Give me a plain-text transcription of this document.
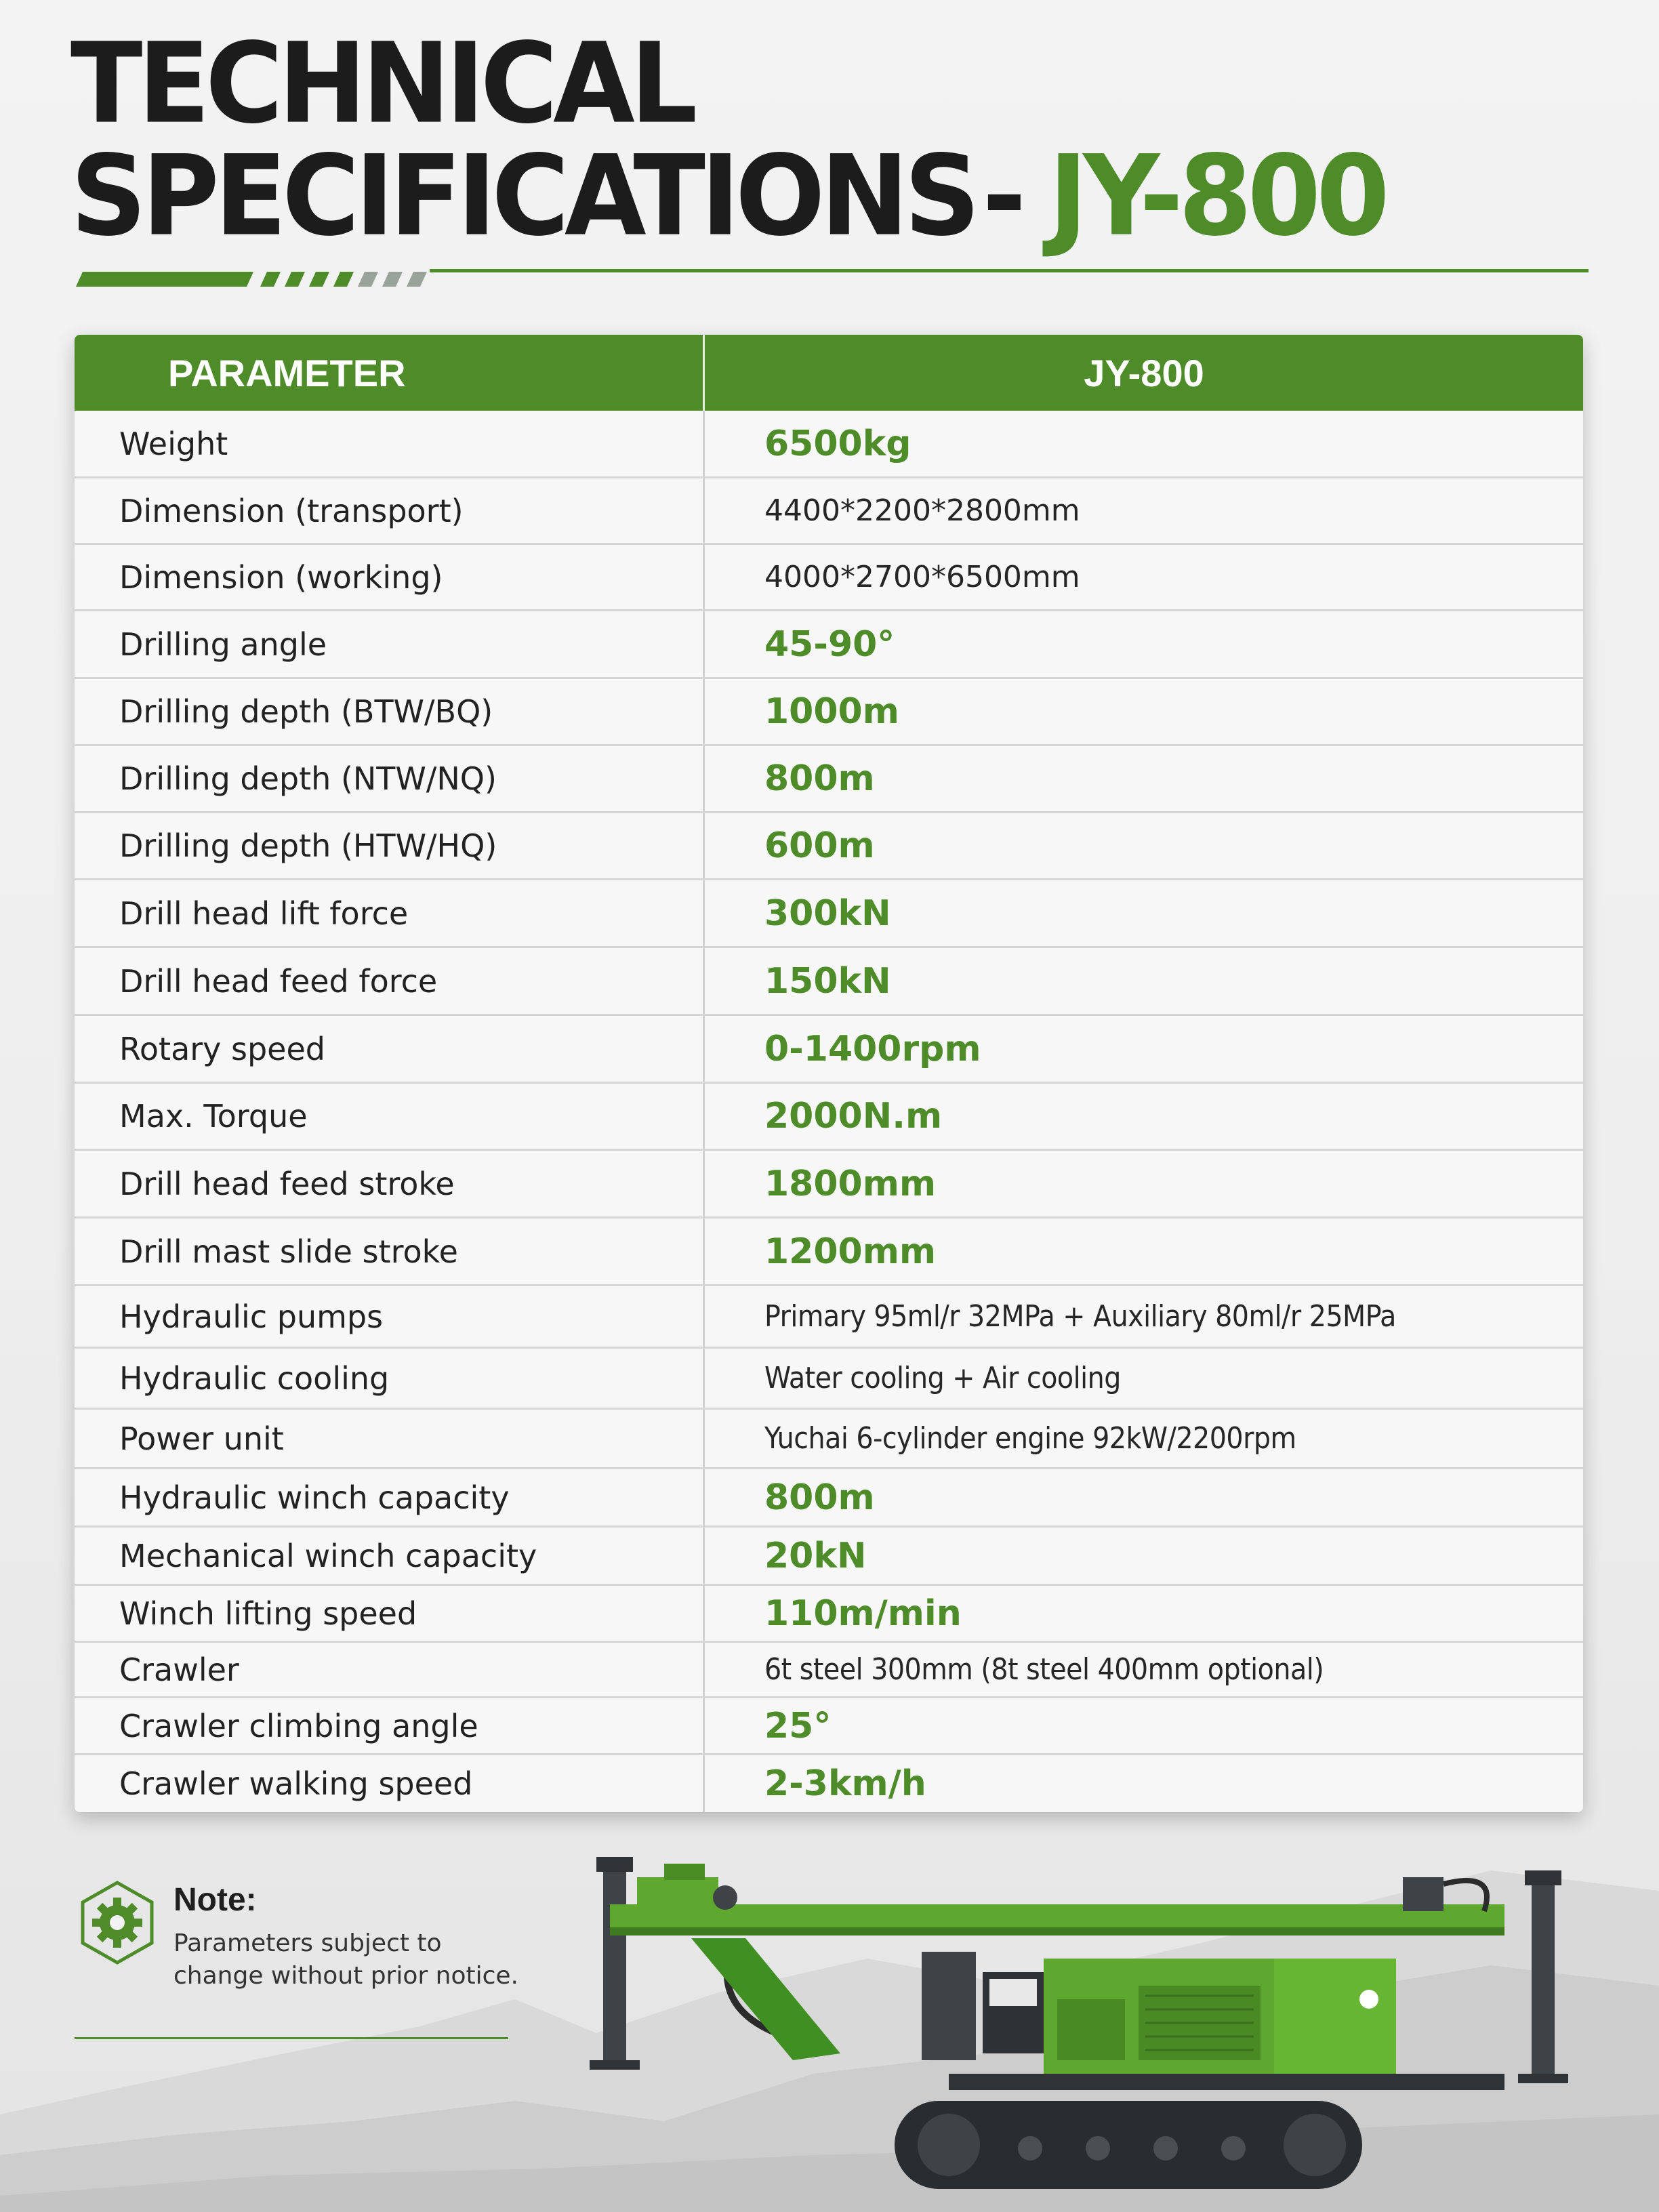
TECHNICAL
SPECIFICATIONS- JY-800
PARAMETER	JY-800
Weight	6500kg
Dimension (transport)	4400*2200*2800mm
Dimension (working)	4000*2700*6500mm
Drilling angle	45-90°
Drilling depth (BTW/BQ)	1000m
Drilling depth (NTW/NQ)	800m
Drilling depth (HTW/HQ)	600m
Drill head lift force	300kN
Drill head feed force	150kN
Rotary speed	0-1400rpm
Max. Torque	2000N.m
Drill head feed stroke	1800mm
Drill mast slide stroke	1200mm
Hydraulic pumps	Primary 95ml/r 32MPa + Auxiliary 80ml/r 25MPa
Hydraulic cooling	Water cooling + Air cooling
Power unit	Yuchai 6-cylinder engine 92kW/2200rpm
Hydraulic winch capacity	800m
Mechanical winch capacity	20kN
Winch lifting speed	110m/min
Crawler	6t steel 300mm (8t steel 400mm optional)
Crawler climbing angle	25°
Crawler walking speed	2-3km/h
Note:
Parameters subject to change without prior notice.
